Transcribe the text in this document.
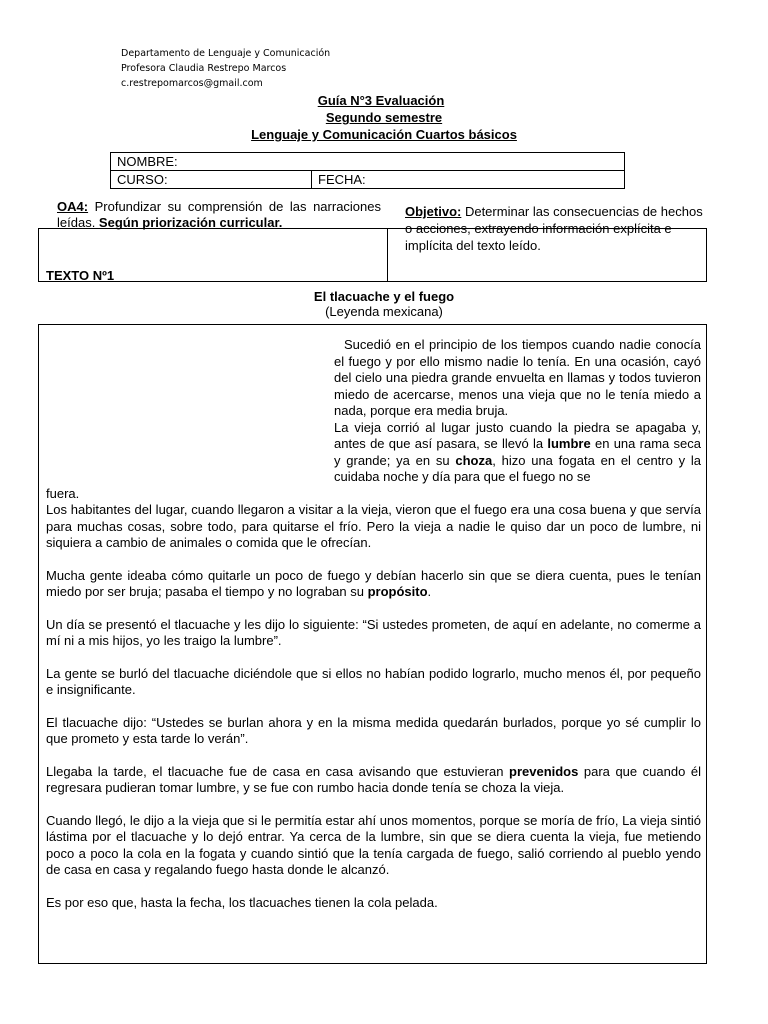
Departamento de Lenguaje y Comunicación
Profesora Claudia Restrepo Marcos
c.restrepomarcos@gmail.com
Guía N°3 Evaluación
Segundo semestre
Lenguaje y Comunicación Cuartos básicos
NOMBRE:
CURSO:	FECHA:
OA4: Profundizar su comprensión de las narraciones leídas. Según priorización curricular.
Objetivo: Determinar las consecuencias de hechos o acciones, extrayendo información explícita e implícita del texto leído.
TEXTO Nº1
El tlacuache y el fuego
(Leyenda mexicana)

Sucedió en el principio de los tiempos cuando nadie conocía el fuego y por ello mismo nadie lo tenía. En una ocasión, cayó del cielo una piedra grande envuelta en llamas y todos tuvieron miedo de acercarse, menos una vieja que no le tenía miedo a nada, porque era media bruja.

La vieja corrió al lugar justo cuando la piedra se apagaba y, antes de que así pasara, se llevó la lumbre en una rama seca y grande; ya en su choza, hizo una fogata en el centro y la cuidaba noche y día para que el fuego no se

fuera.

Los habitantes del lugar, cuando llegaron a visitar a la vieja, vieron que el fuego era una cosa buena y que servía para muchas cosas, sobre todo, para quitarse el frío. Pero la vieja a nadie le quiso dar un poco de lumbre, ni siquiera a cambio de animales o comida que le ofrecían.

Mucha gente ideaba cómo quitarle un poco de fuego y debían hacerlo sin que se diera cuenta, pues le tenían miedo por ser bruja; pasaba el tiempo y no lograban su propósito.

Un día se presentó el tlacuache y les dijo lo siguiente: “Si ustedes prometen, de aquí en adelante, no comerme a mí ni a mis hijos, yo les traigo la lumbre”.

La gente se burló del tlacuache diciéndole que si ellos no habían podido lograrlo, mucho menos él, por pequeño e insignificante.

El tlacuache dijo: “Ustedes se burlan ahora y en la misma medida quedarán burlados, porque yo sé cumplir lo que prometo y esta tarde lo verán”.

Llegaba la tarde, el tlacuache fue de casa en casa avisando que estuvieran prevenidos para que cuando él regresara pudieran tomar lumbre, y se fue con rumbo hacia donde tenía se choza la vieja.

Cuando llegó, le dijo a la vieja que si le permitía estar ahí unos momentos, porque se moría de frío, La vieja sintió lástima por el tlacuache y lo dejó entrar. Ya cerca de la lumbre, sin que se diera cuenta la vieja, fue metiendo poco a poco la cola en la fogata y cuando sintió que la tenía cargada de fuego, salió corriendo al pueblo yendo de casa en casa y regalando fuego hasta donde le alcanzó.

Es por eso que, hasta la fecha, los tlacuaches tienen la cola pelada.
